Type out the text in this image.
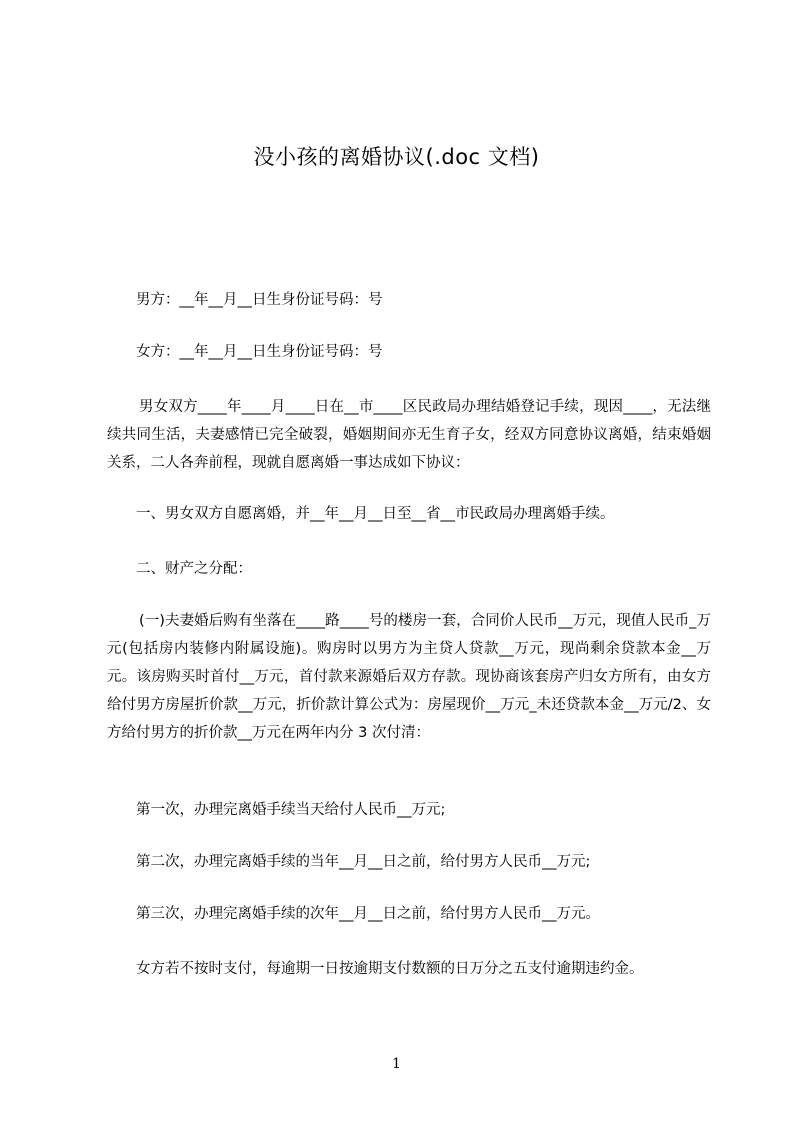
没小孩的离婚协议(.doc 文档)

男方：__年__月__日生身份证号码：号

女方：__年__月__日生身份证号码：号

男女双方____年____月____日在__市____区民政局办理结婚登记手续，现因____，无法继续共同生活，夫妻感情已完全破裂，婚姻期间亦无生育子女，经双方同意协议离婚，结束婚姻关系，二人各奔前程，现就自愿离婚一事达成如下协议：

一、男女双方自愿离婚，并__年__月__日至__省__市民政局办理离婚手续。

二、财产之分配：

(一)夫妻婚后购有坐落在____路____号的楼房一套，合同价人民币__万元，现值人民币_万元(包括房内装修内附属设施)。购房时以男方为主贷人贷款__万元，现尚剩余贷款本金__万元。该房购买时首付__万元，首付款来源婚后双方存款。现协商该套房产归女方所有，由女方给付男方房屋折价款__万元，折价款计算公式为：房屋现价__万元_未还贷款本金__万元/2、女方给付男方的折价款__万元在两年内分 3 次付清：

第一次，办理完离婚手续当天给付人民币__万元;

第二次，办理完离婚手续的当年__月__日之前，给付男方人民币__万元;

第三次，办理完离婚手续的次年__月__日之前，给付男方人民币__万元。

女方若不按时支付，每逾期一日按逾期支付数额的日万分之五支付逾期违约金。

1
